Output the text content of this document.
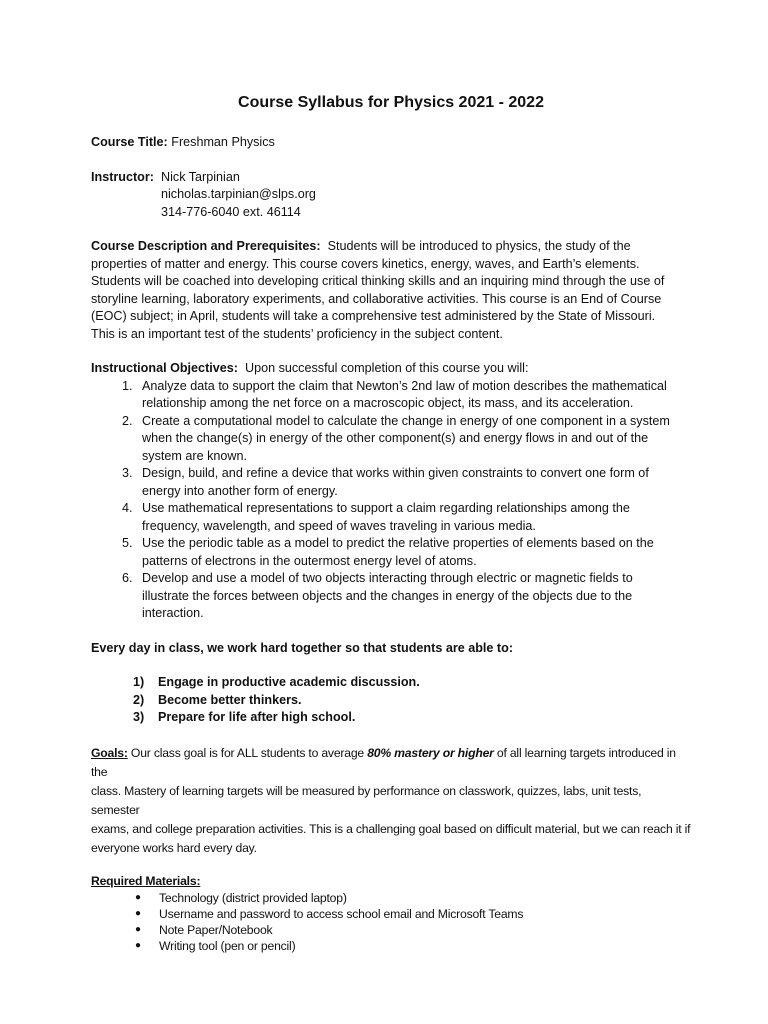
Course Syllabus for Physics 2021 - 2022

Course Title: Freshman Physics

Instructor: Nick Tarpinian
nicholas.tarpinian@slps.org
314-776-6040 ext. 46114
Course Description and Prerequisites: Students will be introduced to physics, the study of the
properties of matter and energy. This course covers kinetics, energy, waves, and Earth’s elements.
Students will be coached into developing critical thinking skills and an inquiring mind through the use of
storyline learning, laboratory experiments, and collaborative activities. This course is an End of Course
(EOC) subject; in April, students will take a comprehensive test administered by the State of Missouri.
This is an important test of the students’ proficiency in the subject content.
Instructional Objectives: Upon successful completion of this course you will:
1. Analyze data to support the claim that Newton’s 2nd law of motion describes the mathematical
relationship among the net force on a macroscopic object, its mass, and its acceleration.
2. Create a computational model to calculate the change in energy of one component in a system
when the change(s) in energy of the other component(s) and energy flows in and out of the
system are known.
3. Design, build, and refine a device that works within given constraints to convert one form of
energy into another form of energy.
4. Use mathematical representations to support a claim regarding relationships among the
frequency, wavelength, and speed of waves traveling in various media.
5. Use the periodic table as a model to predict the relative properties of elements based on the
patterns of electrons in the outermost energy level of atoms.
6. Develop and use a model of two objects interacting through electric or magnetic fields to
illustrate the forces between objects and the changes in energy of the objects due to the
interaction.

Every day in class, we work hard together so that students are able to:

1)	Engage in productive academic discussion.
2)	Become better thinkers.
3)	Prepare for life after high school.
Goals: Our class goal is for ALL students to average 80% mastery or higher of all learning targets introduced in the
class. Mastery of learning targets will be measured by performance on classwork, quizzes, labs, unit tests, semester
exams, and college preparation activities. This is a challenging goal based on difficult material, but we can reach it if
everyone works hard every day.

Required Materials:

●	Technology (district provided laptop)
●	Username and password to access school email and Microsoft Teams
●	Note Paper/Notebook
●	Writing tool (pen or pencil)
